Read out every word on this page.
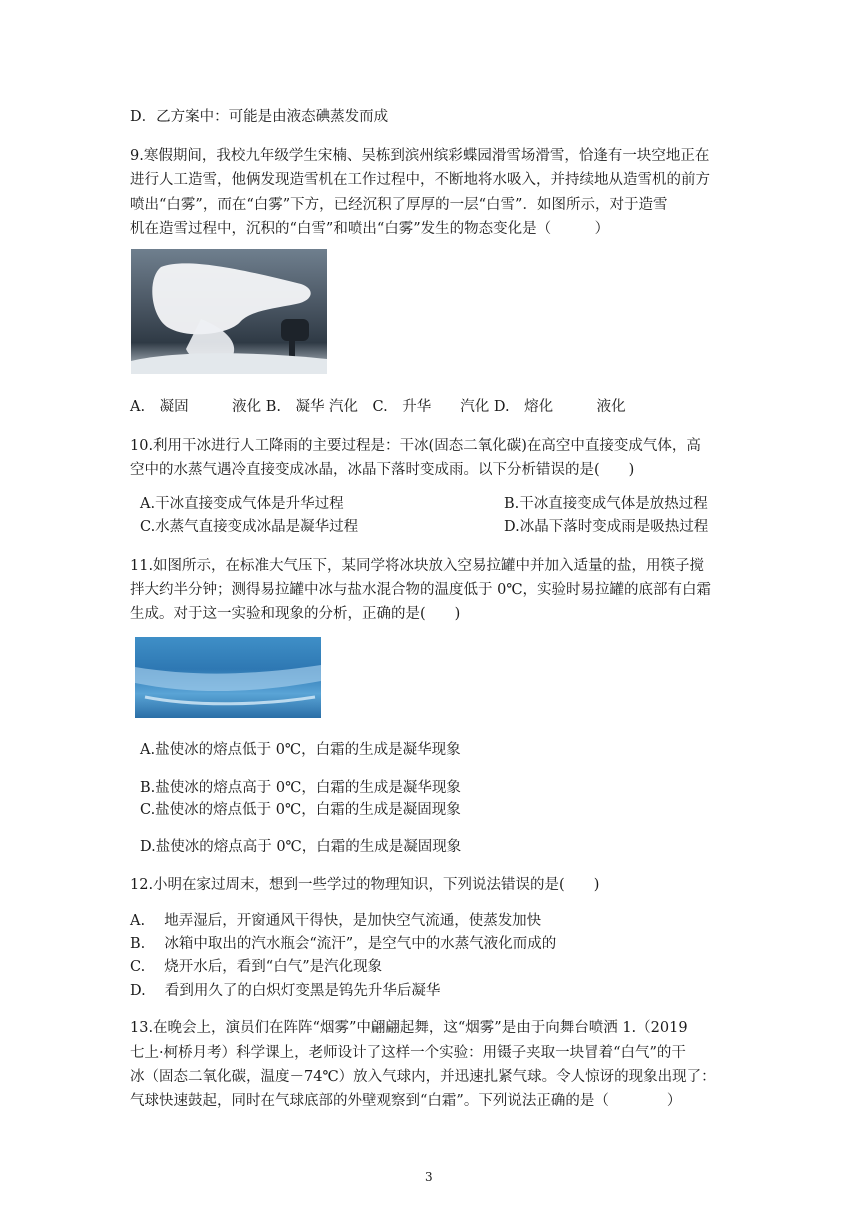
D．乙方案中：可能是由液态碘蒸发而成
9.寒假期间，我校九年级学生宋楠、吴栋到滨州缤彩蝶园滑雪场滑雪，恰逢有一块空地正在
进行人工造雪，他俩发现造雪机在工作过程中，不断地将水吸入，并持续地从造雪机的前方
喷出“白雾”，而在“白雾”下方，已经沉积了厚厚的一层“白雪”．如图所示，对于造雪
机在造雪过程中，沉积的“白雪”和喷出“白雾”发生的物态变化是（　　　）
A.　凝固　　　液化 B.　凝华 汽化　C.　升华　　汽化 D.　熔化　　　液化
10.利用干冰进行人工降雨的主要过程是：干冰(固态二氧化碳)在高空中直接变成气体，高
空中的水蒸气遇冷直接变成冰晶，冰晶下落时变成雨。以下分析错误的是(　　)
A.干冰直接变成气体是升华过程	B.干冰直接变成气体是放热过程
C.水蒸气直接变成冰晶是凝华过程	D.冰晶下落时变成雨是吸热过程
11.如图所示，在标准大气压下，某同学将冰块放入空易拉罐中并加入适量的盐，用筷子搅
拌大约半分钟；测得易拉罐中冰与盐水混合物的温度低于 0℃，实验时易拉罐的底部有白霜
生成。对于这一实验和现象的分析，正确的是(　　)
A.盐使冰的熔点低于 0℃，白霜的生成是凝华现象
B.盐使冰的熔点高于 0℃，白霜的生成是凝华现象
C.盐使冰的熔点低于 0℃，白霜的生成是凝固现象
D.盐使冰的熔点高于 0℃，白霜的生成是凝固现象
12.小明在家过周末，想到一些学过的物理知识，下列说法错误的是(　　)
A.　 地弄湿后，开窗通风干得快，是加快空气流通，使蒸发加快
B.　 冰箱中取出的汽水瓶会“流汗”，是空气中的水蒸气液化而成的
C.　 烧开水后，看到“白气”是汽化现象
D.　 看到用久了的白炽灯变黑是钨先升华后凝华
13.在晚会上，演员们在阵阵“烟雾”中翩翩起舞，这“烟雾”是由于向舞台喷洒 1.（2019
七上·柯桥月考）科学课上，老师设计了这样一个实验：用镊子夹取一块冒着“白气”的干
冰（固态二氧化碳，温度－74℃）放入气球内，并迅速扎紧气球。令人惊讶的现象出现了：
气球快速鼓起，同时在气球底部的外壁观察到“白霜”。下列说法正确的是（　　　　）
3
